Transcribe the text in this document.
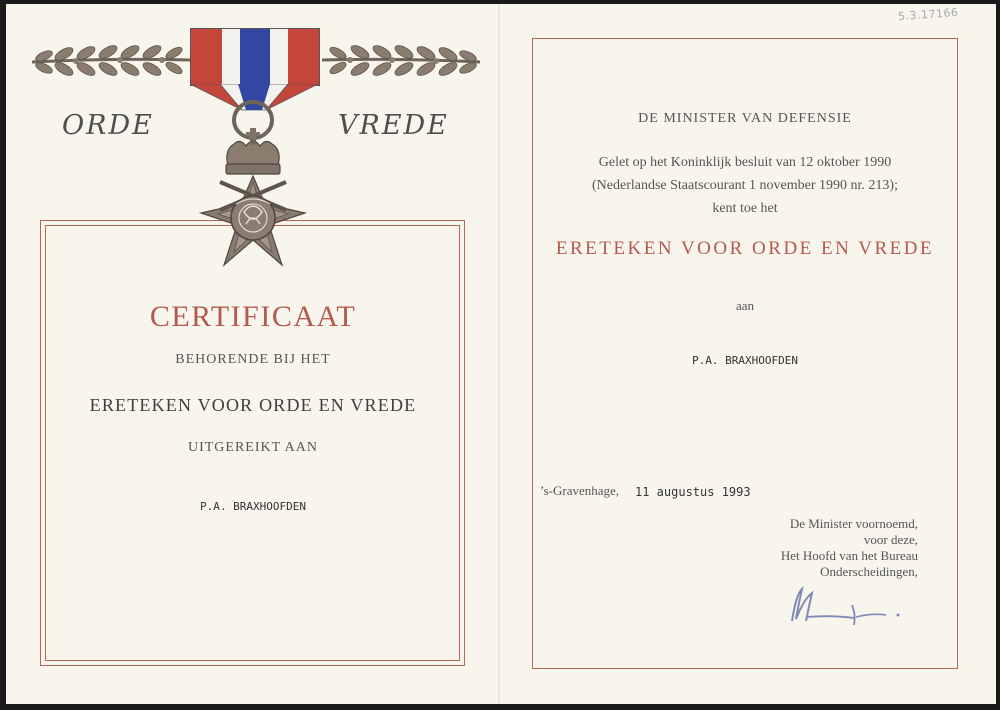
5.3.17166
ORDE	VREDE
CERTIFICAAT
BEHORENDE BIJ HET
ERETEKEN VOOR ORDE EN VREDE
UITGEREIKT AAN
P.A. BRAXHOOFDEN
DE MINISTER VAN DEFENSIE
Gelet op het Koninklijk besluit van 12 oktober 1990
(Nederlandse Staatscourant 1 november 1990 nr. 213);
kent toe het
ERETEKEN VOOR ORDE EN VREDE
aan
P.A. BRAXHOOFDEN
’s-Gravenhage, 11 augustus 1993
De Minister voornoemd,
voor deze,
Het Hoofd van het Bureau
Onderscheidingen,
